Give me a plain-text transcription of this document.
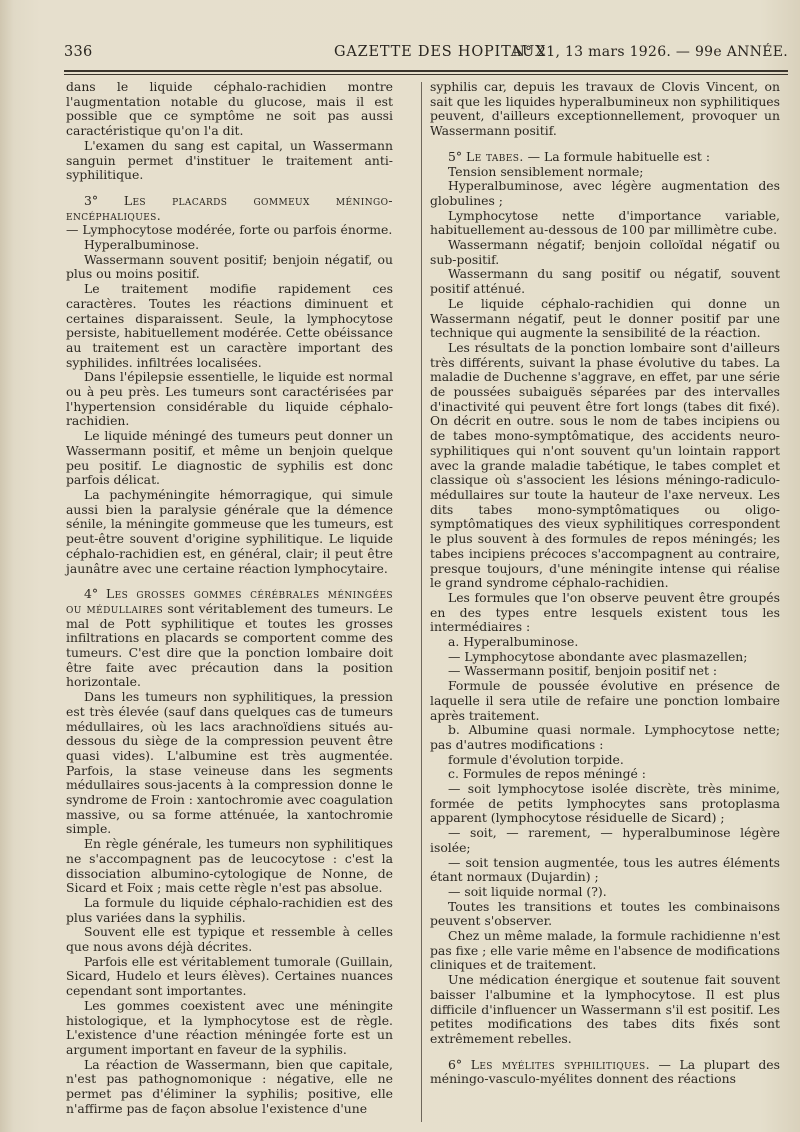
336	GAZETTE DES HOPITAUX
N° 21, 13 mars 1926. — 99e ANNÉE.

dans le liquide céphalo-rachidien montre l'augmentation notable du glucose, mais il est possible que ce symptôme ne soit pas aussi caractéristique qu'on l'a dit.

L'examen du sang est capital, un Wassermann sanguin permet d'instituer le traitement anti-syphilitique.

3° Les placards gommeux méningo-encéphaliques.

— Lymphocytose modérée, forte ou parfois énorme.

Hyperalbuminose.

Wassermann souvent positif; benjoin négatif, ou plus ou moins positif.

Le traitement modifie rapidement ces caractères. Toutes les réactions diminuent et certaines disparaissent. Seule, la lymphocytose persiste, habituellement modérée. Cette obéissance au traitement est un caractère important des syphilides. infiltrées localisées.

Dans l'épilepsie essentielle, le liquide est normal ou à peu près. Les tumeurs sont caractérisées par l'hypertension considérable du liquide céphalo-rachidien.

Le liquide méningé des tumeurs peut donner un Wassermann positif, et même un benjoin quelque peu positif. Le diagnostic de syphilis est donc parfois délicat.

La pachyméningite hémorragique, qui simule aussi bien la paralysie générale que la démence sénile, la méningite gommeuse que les tumeurs, est peut-être souvent d'origine syphilitique. Le liquide céphalo-rachidien est, en général, clair; il peut être jaunâtre avec une certaine réaction lymphocytaire.

4° Les grosses gommes cérébrales méningées ou médullaires sont véritablement des tumeurs. Le mal de Pott syphilitique et toutes les grosses infiltrations en placards se comportent comme des tumeurs. C'est dire que la ponction lombaire doit être faite avec précaution dans la position horizontale.

Dans les tumeurs non syphilitiques, la pression est très élevée (sauf dans quelques cas de tumeurs médullaires, où les lacs arachnoïdiens situés au-dessous du siège de la compression peuvent être quasi vides). L'albumine est très augmentée. Parfois, la stase veineuse dans les segments médullaires sous-jacents à la compression donne le syndrome de Froin : xantochromie avec coagulation massive, ou sa forme atténuée, la xantochromie simple.

En règle générale, les tumeurs non syphilitiques ne s'accompagnent pas de leucocytose : c'est la dissociation albumino-cytologique de Nonne, de Sicard et Foix ; mais cette règle n'est pas absolue.

La formule du liquide céphalo-rachidien est des plus variées dans la syphilis.

Souvent elle est typique et ressemble à celles que nous avons déjà décrites.

Parfois elle est véritablement tumorale (Guillain, Sicard, Hudelo et leurs élèves). Certaines nuances cependant sont importantes.

Les gommes coexistent avec une méningite histologique, et la lymphocytose est de règle. L'existence d'une réaction méningée forte est un argument important en faveur de la syphilis.

La réaction de Wassermann, bien que capitale, n'est pas pathognomonique : négative, elle ne permet pas d'éliminer la syphilis; positive, elle n'affirme pas de façon absolue l'existence d'une

syphilis car, depuis les travaux de Clovis Vincent, on sait que les liquides hyperalbumineux non syphilitiques peuvent, d'ailleurs exceptionnellement, provoquer un Wassermann positif.

5° Le tabes. — La formule habituelle est :

Tension sensiblement normale;

Hyperalbuminose, avec légère augmentation des globulines ;

Lymphocytose nette d'importance variable, habituellement au-dessous de 100 par millimètre cube.

Wassermann négatif; benjoin colloïdal négatif ou sub-positif.

Wassermann du sang positif ou négatif, souvent positif atténué.

Le liquide céphalo-rachidien qui donne un Wassermann négatif, peut le donner positif par une technique qui augmente la sensibilité de la réaction.

Les résultats de la ponction lombaire sont d'ailleurs très différents, suivant la phase évolutive du tabes. La maladie de Duchenne s'aggrave, en effet, par une série de poussées subaiguës séparées par des intervalles d'inactivité qui peuvent être fort longs (tabes dit fixé). On décrit en outre. sous le nom de tabes incipiens ou de tabes mono-symptômatique, des accidents neuro-syphilitiques qui n'ont souvent qu'un lointain rapport avec la grande maladie tabétique, le tabes complet et classique où s'associent les lésions méningo-radiculo-médullaires sur toute la hauteur de l'axe nerveux. Les dits tabes mono-symptômatiques ou oligo-symptômatiques des vieux syphilitiques correspondent le plus souvent à des formules de repos méningés; les tabes incipiens précoces s'accompagnent au contraire, presque toujours, d'une méningite intense qui réalise le grand syndrome céphalo-rachidien.

Les formules que l'on observe peuvent être groupés en des types entre lesquels existent tous les intermédiaires :

a. Hyperalbuminose.

— Lymphocytose abondante avec plasmazellen;

— Wassermann positif, benjoin positif net :

Formule de poussée évolutive en présence de laquelle il sera utile de refaire une ponction lombaire après traitement.

b. Albumine quasi normale. Lymphocytose nette; pas d'autres modifications :

formule d'évolution torpide.

c. Formules de repos méningé :

— soit lymphocytose isolée discrète, très minime, formée de petits lymphocytes sans protoplasma apparent (lymphocytose résiduelle de Sicard) ;

— soit, — rarement, — hyperalbuminose légère isolée;

— soit tension augmentée, tous les autres éléments étant normaux (Dujardin) ;

— soit liquide normal (?).

Toutes les transitions et toutes les combinaisons peuvent s'observer.

Chez un même malade, la formule rachidienne n'est pas fixe ; elle varie même en l'absence de modifications cliniques et de traitement.

Une médication énergique et soutenue fait souvent baisser l'albumine et la lymphocytose. Il est plus difficile d'influencer un Wassermann s'il est positif. Les petites modifications des tabes dits fixés sont extrêmement rebelles.

6° Les myélites syphilitiques. — La plupart des méningo-vasculo-myélites donnent des réactions
